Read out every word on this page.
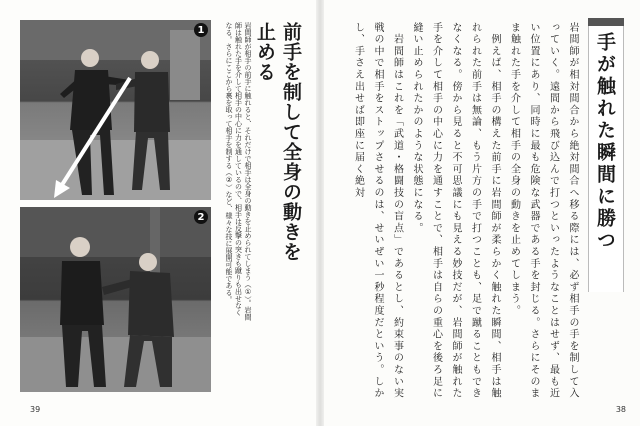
1
2	前手を制して全身の動きを止める
岩間師が相手の前手に触れると、それだけで相手は全身の動きを止められてしまう（①）。岩間師は触れた手を介して相手の中心に力を通しているので、相手は反撃の突きも蹴りも出せなくなる。さらにここから裏を取って相手を制する（②）など、様々な技に展開可能である。
39
手が触れた瞬間に勝つ
岩間師が相対間合から絶対間合へ移る際には、必ず相手の手を制して入っていく。遠間から飛び込んで打つといったようなことはせず、最も近い位置にあり、同時に最も危険な武器である手を封じる。さらにそのまま触れた手を介して相手の全身の動きを止めてしまう。
　例えば、相手の構えた前手に岩間師が柔らかく触れた瞬間、相手は触れられた前手は無論、もう片方の手で打つことも、足で蹴ることもできなくなる。傍から見ると不可思議にも見える妙技だが、岩間師が触れた手を介して相手の中心に力を通すことで、相手は自らの重心を後ろ足に縫い止められたかのような状態になる。
　岩間師はこれを「武道・格闘技の盲点」であるとし、約束事のない実戦の中で相手をストップさせるのは、せいぜい一秒程度だという。しかし、手さえ出せば即座に届く絶対
38
